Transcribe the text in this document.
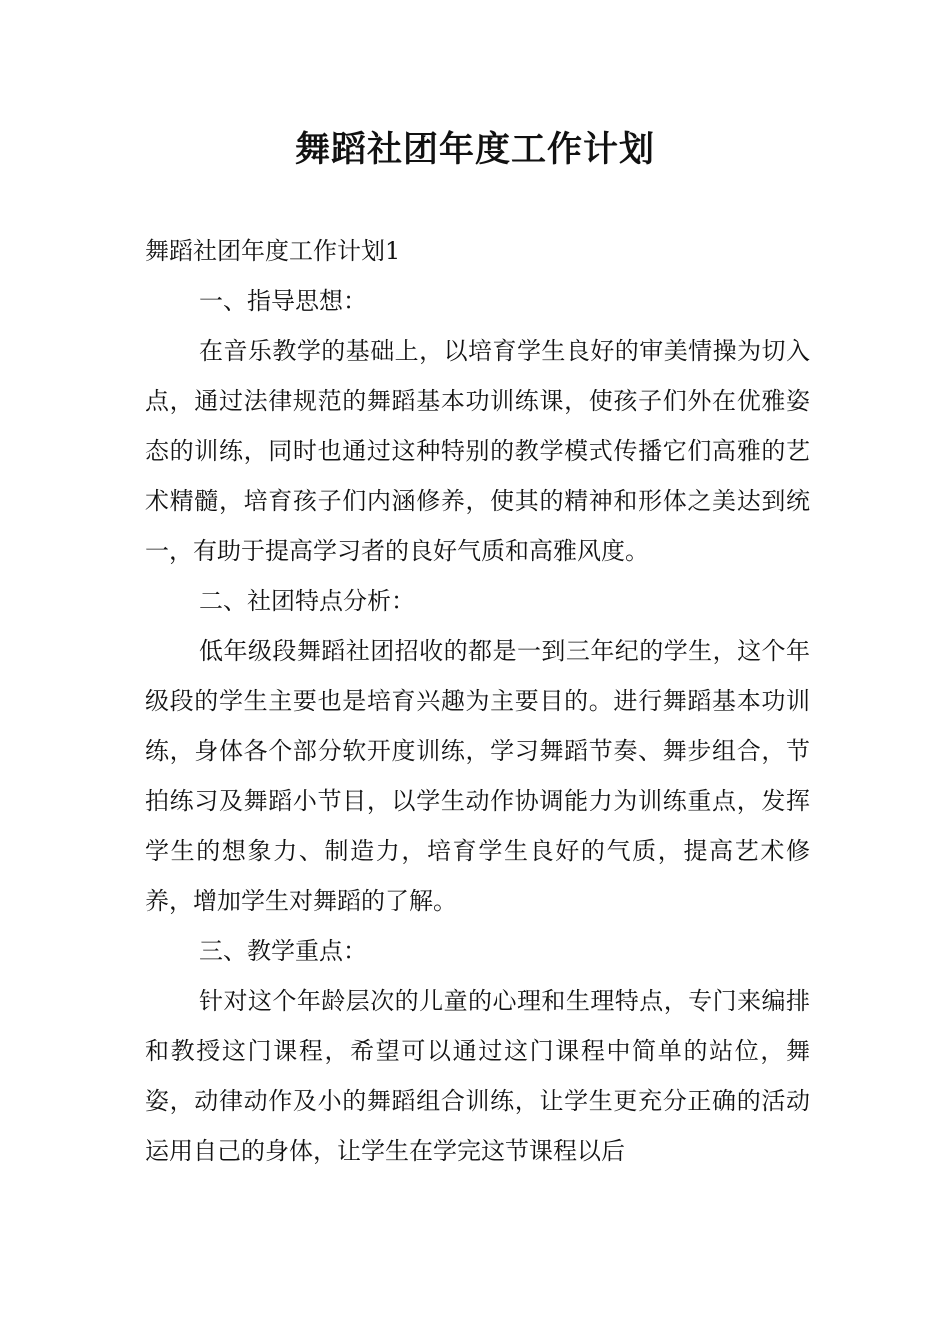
舞蹈社团年度工作计划

舞蹈社团年度工作计划1

一、指导思想：

在音乐教学的基础上，以培育学生良好的审美情操为切入点，通过法律规范的舞蹈基本功训练课，使孩子们外在优雅姿态的训练，同时也通过这种特别的教学模式传播它们高雅的艺术精髓，培育孩子们内涵修养，使其的精神和形体之美达到统一，有助于提高学习者的良好气质和高雅风度。

二、社团特点分析：

低年级段舞蹈社团招收的都是一到三年纪的学生，这个年级段的学生主要也是培育兴趣为主要目的。进行舞蹈基本功训练，身体各个部分软开度训练，学习舞蹈节奏、舞步组合，节拍练习及舞蹈小节目，以学生动作协调能力为训练重点，发挥学生的想象力、制造力，培育学生良好的气质，提高艺术修养，增加学生对舞蹈的了解。

三、教学重点：

针对这个年龄层次的儿童的心理和生理特点，专门来编排和教授这门课程，希望可以通过这门课程中简单的站位，舞姿，动律动作及小的舞蹈组合训练，让学生更充分正确的活动运用自己的身体，让学生在学完这节课程以后
